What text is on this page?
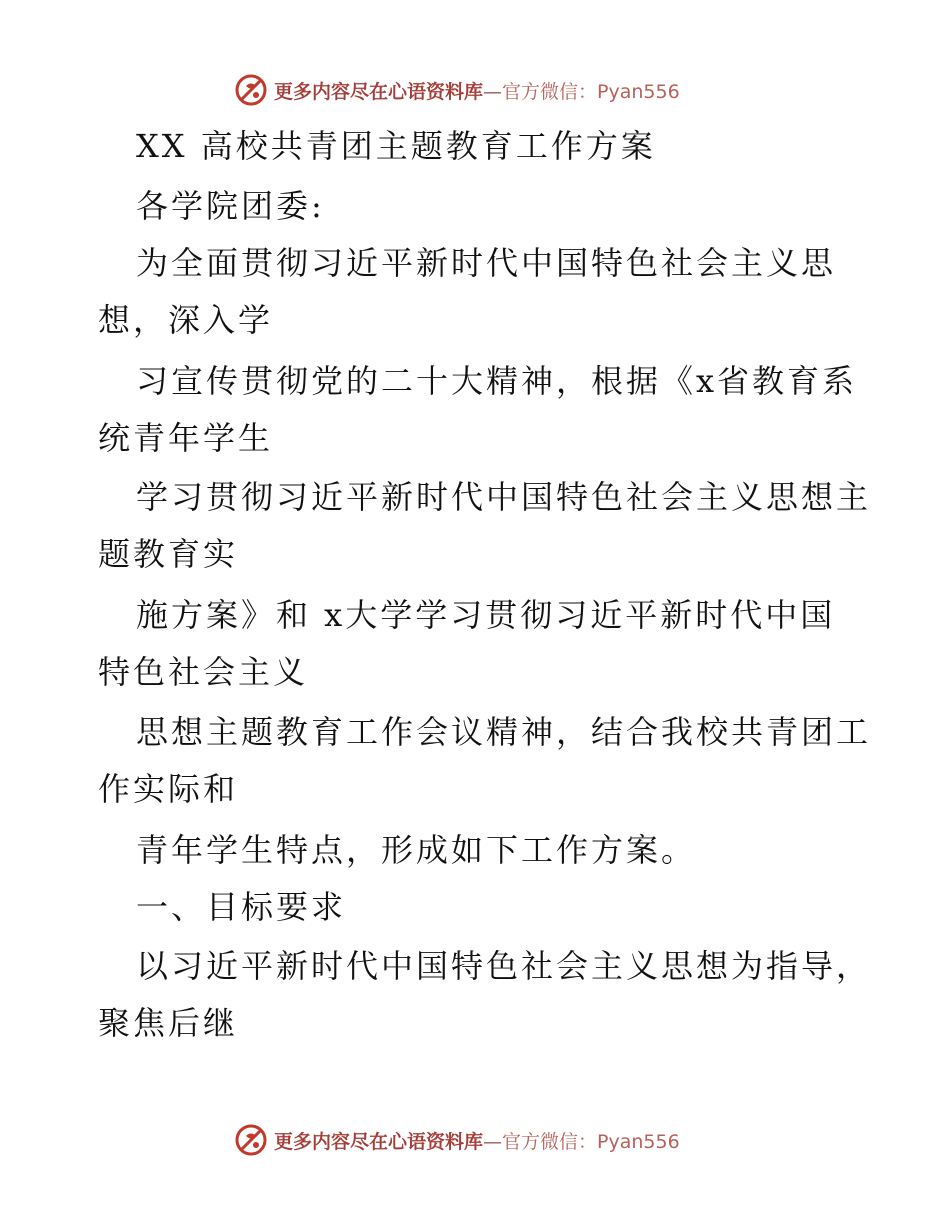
更多内容尽在心语资料库—官方微信：Pyan556
XX 高校共青团主题教育工作方案
各学院团委:
为全面贯彻习近平新时代中国特色社会主义思
想，深入学
习宣传贯彻党的二十大精神，根据《x省教育系
统青年学生
学习贯彻习近平新时代中国特色社会主义思想主
题教育实
施方案》和 x大学学习贯彻习近平新时代中国
特色社会主义
思想主题教育工作会议精神，结合我校共青团工
作实际和
青年学生特点，形成如下工作方案。
一、目标要求
以习近平新时代中国特色社会主义思想为指导，
聚焦后继
更多内容尽在心语资料库—官方微信：Pyan556
